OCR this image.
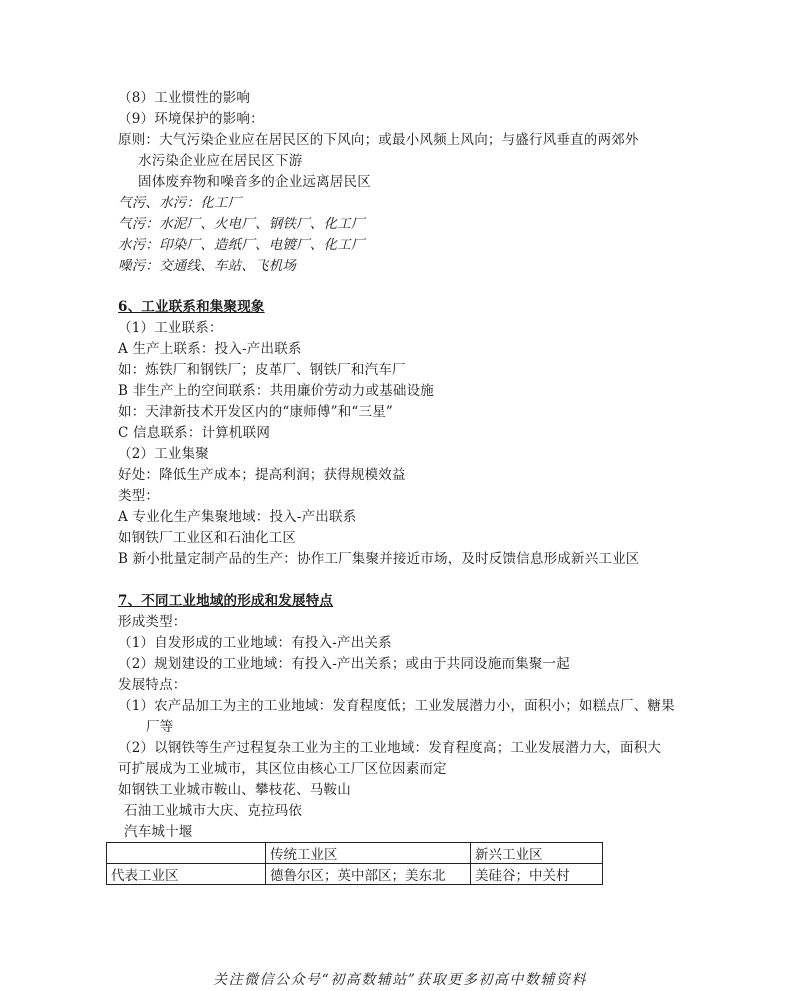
（8）工业惯性的影响
（9）环境保护的影响：
原则：大气污染企业应在居民区的下风向；或最小风频上风向；与盛行风垂直的两郊外
水污染企业应在居民区下游
固体废弃物和噪音多的企业远离居民区
气污、水污：化工厂
气污：水泥厂、火电厂、钢铁厂、化工厂
水污：印染厂、造纸厂、电镀厂、化工厂
噪污：交通线、车站、飞机场
6、工业联系和集聚现象
（1）工业联系：
A 生产上联系：投入-产出联系
如：炼铁厂和钢铁厂；皮革厂、钢铁厂和汽车厂
B 非生产上的空间联系：共用廉价劳动力或基础设施
如：天津新技术开发区内的“康师傅”和“三星”
C 信息联系：计算机联网
（2）工业集聚
好处：降低生产成本；提高利润；获得规模效益
类型：
A 专业化生产集聚地域：投入-产出联系
如钢铁厂工业区和石油化工区
B 新小批量定制产品的生产：协作工厂集聚并接近市场，及时反馈信息形成新兴工业区
7、不同工业地域的形成和发展特点
形成类型：
（1）自发形成的工业地域：有投入-产出关系
（2）规划建设的工业地域：有投入-产出关系；或由于共同设施而集聚一起
发展特点：
（1）农产品加工为主的工业地域：发育程度低；工业发展潜力小，面积小；如糕点厂、糖果
厂等
（2）以钢铁等生产过程复杂工业为主的工业地域：发育程度高；工业发展潜力大，面积大
可扩展成为工业城市，其区位由核心工厂区位因素而定
如钢铁工业城市鞍山、攀枝花、马鞍山
石油工业城市大庆、克拉玛依
汽车城十堰
	传统工业区	新兴工业区
代表工业区	德鲁尔区；英中部区；美东北	美硅谷；中关村
关注微信公众号“初高数辅站”获取更多初高中数辅资料
